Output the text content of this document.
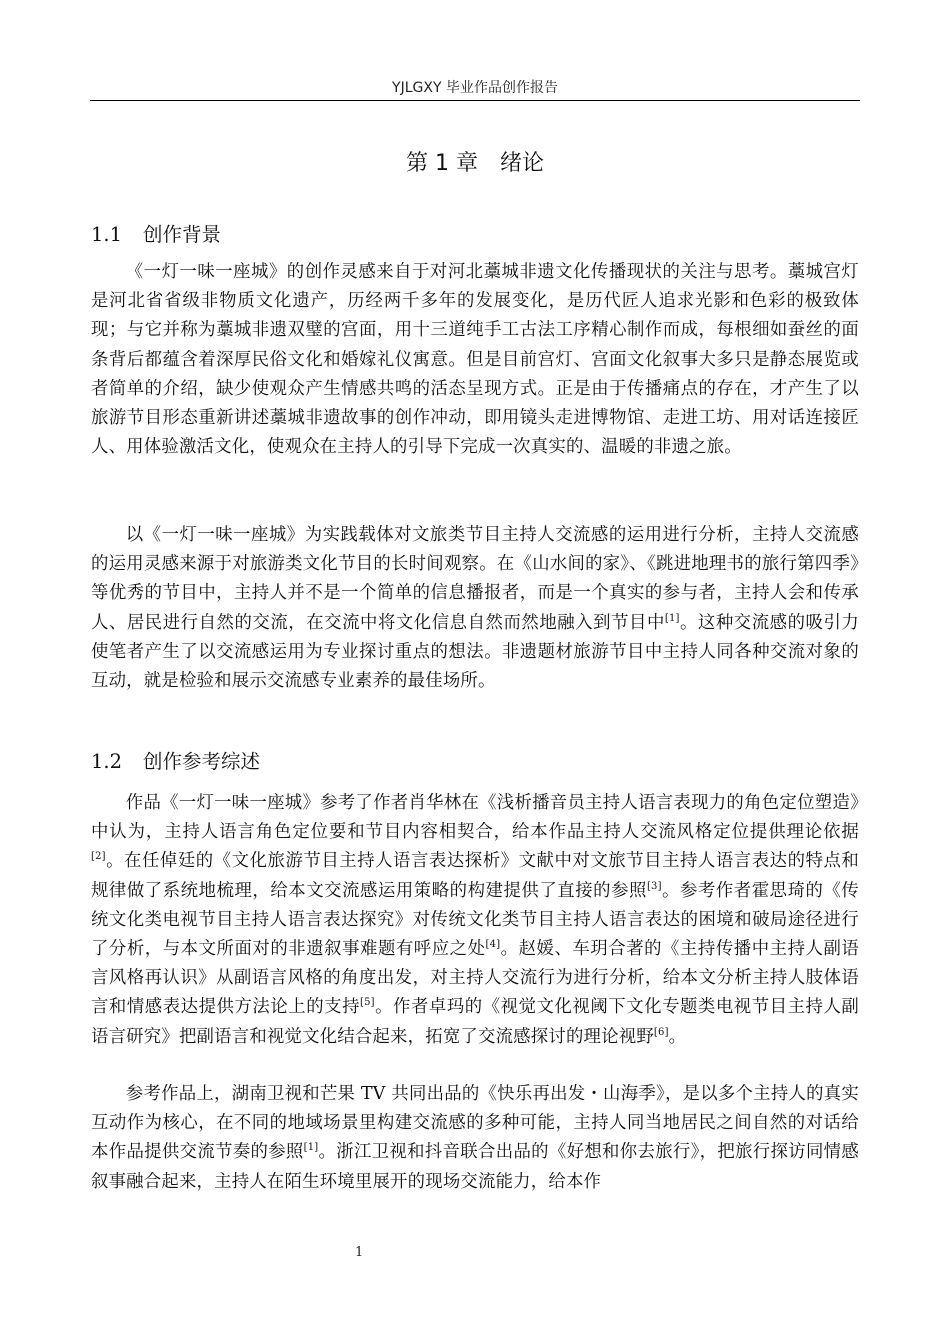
YJLGXY 毕业作品创作报告
第 1 章 绪论
1.1 创作背景

《一灯一味一座城》的创作灵感来自于对河北藁城非遗文化传播现状的关注与思考。藁城宫灯是河北省省级非物质文化遗产，历经两千多年的发展变化，是历代匠人追求光影和色彩的极致体现；与它并称为藁城非遗双璧的宫面，用十三道纯手工古法工序精心制作而成，每根细如蚕丝的面条背后都蕴含着深厚民俗文化和婚嫁礼仪寓意。但是目前宫灯、宫面文化叙事大多只是静态展览或者简单的介绍，缺少使观众产生情感共鸣的活态呈现方式。正是由于传播痛点的存在，才产生了以旅游节目形态重新讲述藁城非遗故事的创作冲动，即用镜头走进博物馆、走进工坊、用对话连接匠人、用体验激活文化，使观众在主持人的引导下完成一次真实的、温暖的非遗之旅。

以《一灯一味一座城》为实践载体对文旅类节目主持人交流感的运用进行分析，主持人交流感的运用灵感来源于对旅游类文化节目的长时间观察。在《山水间的家》、《跳进地理书的旅行第四季》等优秀的节目中，主持人并不是一个简单的信息播报者，而是一个真实的参与者，主持人会和传承人、居民进行自然的交流，在交流中将文化信息自然而然地融入到节目中[1]。这种交流感的吸引力使笔者产生了以交流感运用为专业探讨重点的想法。非遗题材旅游节目中主持人同各种交流对象的互动，就是检验和展示交流感专业素养的最佳场所。

1.2 创作参考综述

作品《一灯一味一座城》参考了作者肖华林在《浅析播音员主持人语言表现力的角色定位塑造》中认为，主持人语言角色定位要和节目内容相契合，给本作品主持人交流风格定位提供理论依据[2]。在任倬廷的《文化旅游节目主持人语言表达探析》文献中对文旅节目主持人语言表达的特点和规律做了系统地梳理，给本文交流感运用策略的构建提供了直接的参照[3]。参考作者霍思琦的《传统文化类电视节目主持人语言表达探究》对传统文化类节目主持人语言表达的困境和破局途径进行了分析，与本文所面对的非遗叙事难题有呼应之处[4]。赵媛、车玥合著的《主持传播中主持人副语言风格再认识》从副语言风格的角度出发，对主持人交流行为进行分析，给本文分析主持人肢体语言和情感表达提供方法论上的支持[5]。作者卓玛的《视觉文化视阈下文化专题类电视节目主持人副语言研究》把副语言和视觉文化结合起来，拓宽了交流感探讨的理论视野[6]。

参考作品上，湖南卫视和芒果 TV 共同出品的《快乐再出发・山海季》，是以多个主持人的真实互动作为核心，在不同的地域场景里构建交流感的多种可能，主持人同当地居民之间自然的对话给本作品提供交流节奏的参照[1]。浙江卫视和抖音联合出品的《好想和你去旅行》，把旅行探访同情感叙事融合起来，主持人在陌生环境里展开的现场交流能力，给本作

1
